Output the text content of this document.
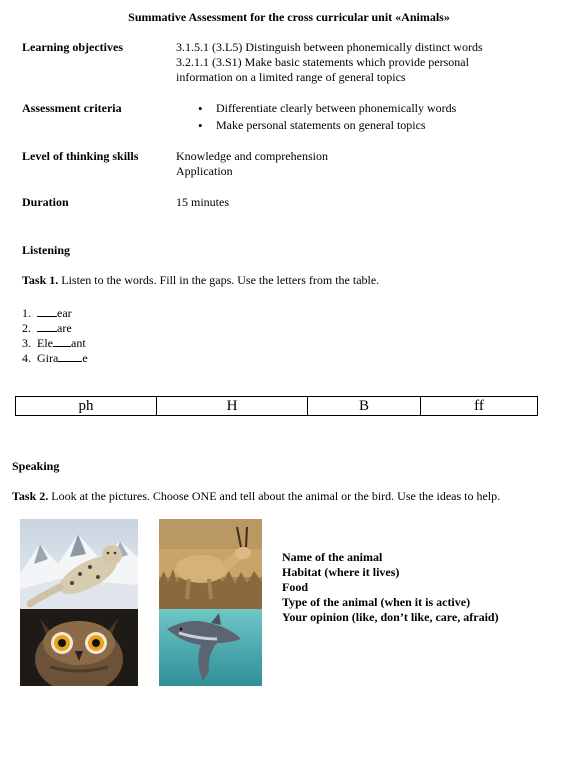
Summative Assessment for the cross curricular unit «Animals»
Learning objectives	3.1.5.1 (3.L5) Distinguish between phonemically distinct words
3.2.1.1 (3.S1) Make basic statements which provide personal
information on a limited range of general topics
Assessment criteria
•	Differentiate clearly between phonemically words
• Make personal statements on general topics
Level of thinking skills	Knowledge and comprehension
Application
Duration	15 minutes
Listening
Task 1. Listen to the words. Fill in the gaps. Use the letters from the table.
1. ear
2. are
3. Ele ant
4. Gira e
ph	H	B	ff
Speaking
Task 2. Look at the pictures. Choose ONE and tell about the animal or the bird. Use the ideas to help.
Name of the animal
Habitat (where it lives)
Food
Type of the animal (when it is active)
Your opinion (like, don’t like, care, afraid)
